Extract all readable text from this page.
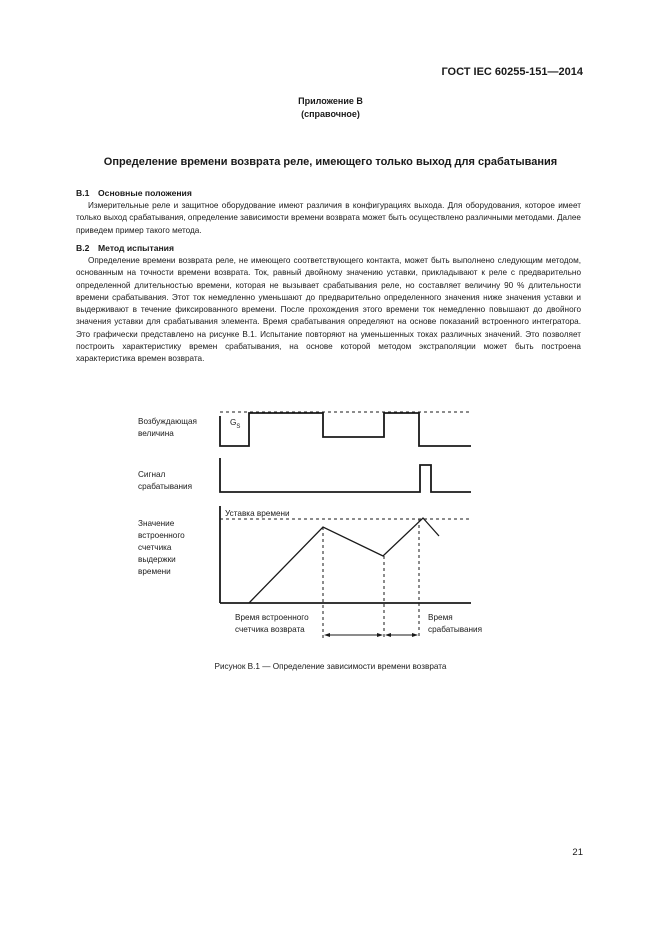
ГОСТ IEC 60255-151—2014
Приложение В
(справочное)
Определение времени возврата реле, имеющего только выход для срабатывания
В.1 Основные положения
Измерительные реле и защитное оборудование имеют различия в конфигурациях выхода. Для оборудования, которое имеет только выход срабатывания, определение зависимости времени возврата может быть осуществлено различными методами. Далее приведем пример такого метода.
В.2 Метод испытания
Определение времени возврата реле, не имеющего соответствующего контакта, может быть выполнено следующим методом, основанным на точности времени возврата. Ток, равный двойному значению уставки, прикладывают к реле с предварительно определенной длительностью времени, которая не вызывает срабатывания реле, но составляет величину 90 % длительности времени срабатывания. Этот ток немедленно уменьшают до предварительно определенного значения ниже значения уставки и выдерживают в течение фиксированного времени. После прохождения этого времени ток немедленно повышают до двойного значения уставки для срабатывания элемента. Время срабатывания определяют на основе показаний встроенного интегратора. Это графически представлено на рисунке В.1. Испытание повторяют на уменьшенных токах различных значений. Это позволяет построить характеристику времен срабатывания, на основе которой методом экстраполяции может быть построена характеристика времен возврата.
Возбуждающая
величина
$G_S$
Сигнал
срабатывания
Значение
встроенного
счетчика
выдержки
времени
Уставка времени
Время встроенного
счетчика возврата
Время
срабатывания
Рисунок В.1 — Определение зависимости времени возврата
21
